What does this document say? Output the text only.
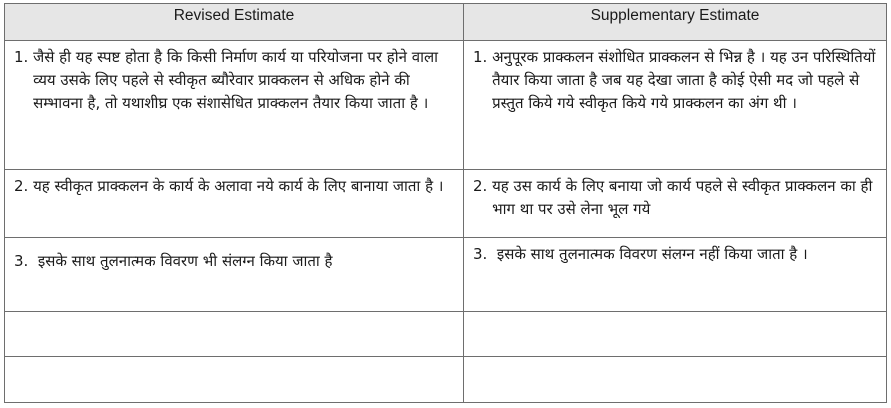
Revised Estimate	Supplementary Estimate

1. जैसे ही यह स्पष्ट होता है कि किसी निर्माण कार्य या परियोजना पर होने वाला व्यय उसके लिए पहले से स्वीकृत ब्यौरेवार प्राक्कलन से अधिक होने की सम्भावना है, तो यथाशीघ्र एक संशासेधित प्राक्कलन तैयार किया जाता है ।	1. अनुपूरक प्राक्कलन संशोधित प्राक्कलन से भिन्न है । यह उन परिस्थितियों तैयार किया जाता है जब यह देखा जाता है कोई ऐसी मद जो पहले से प्रस्तुत किये गये स्वीकृत किये गये प्राक्कलन का अंग थी ।

2. यह स्वीकृत प्राक्कलन के कार्य के अलावा नये कार्य के लिए बानाया जाता है ।	2. यह उस कार्य के लिए बनाया जो कार्य पहले से स्वीकृत प्राक्कलन का ही भाग था पर उसे लेना भूल गये

3. इसके साथ तुलनात्मक विवरण भी संलग्न किया जाता है	3. इसके साथ तुलनात्मक विवरण संलग्न नहीं किया जाता है ।
